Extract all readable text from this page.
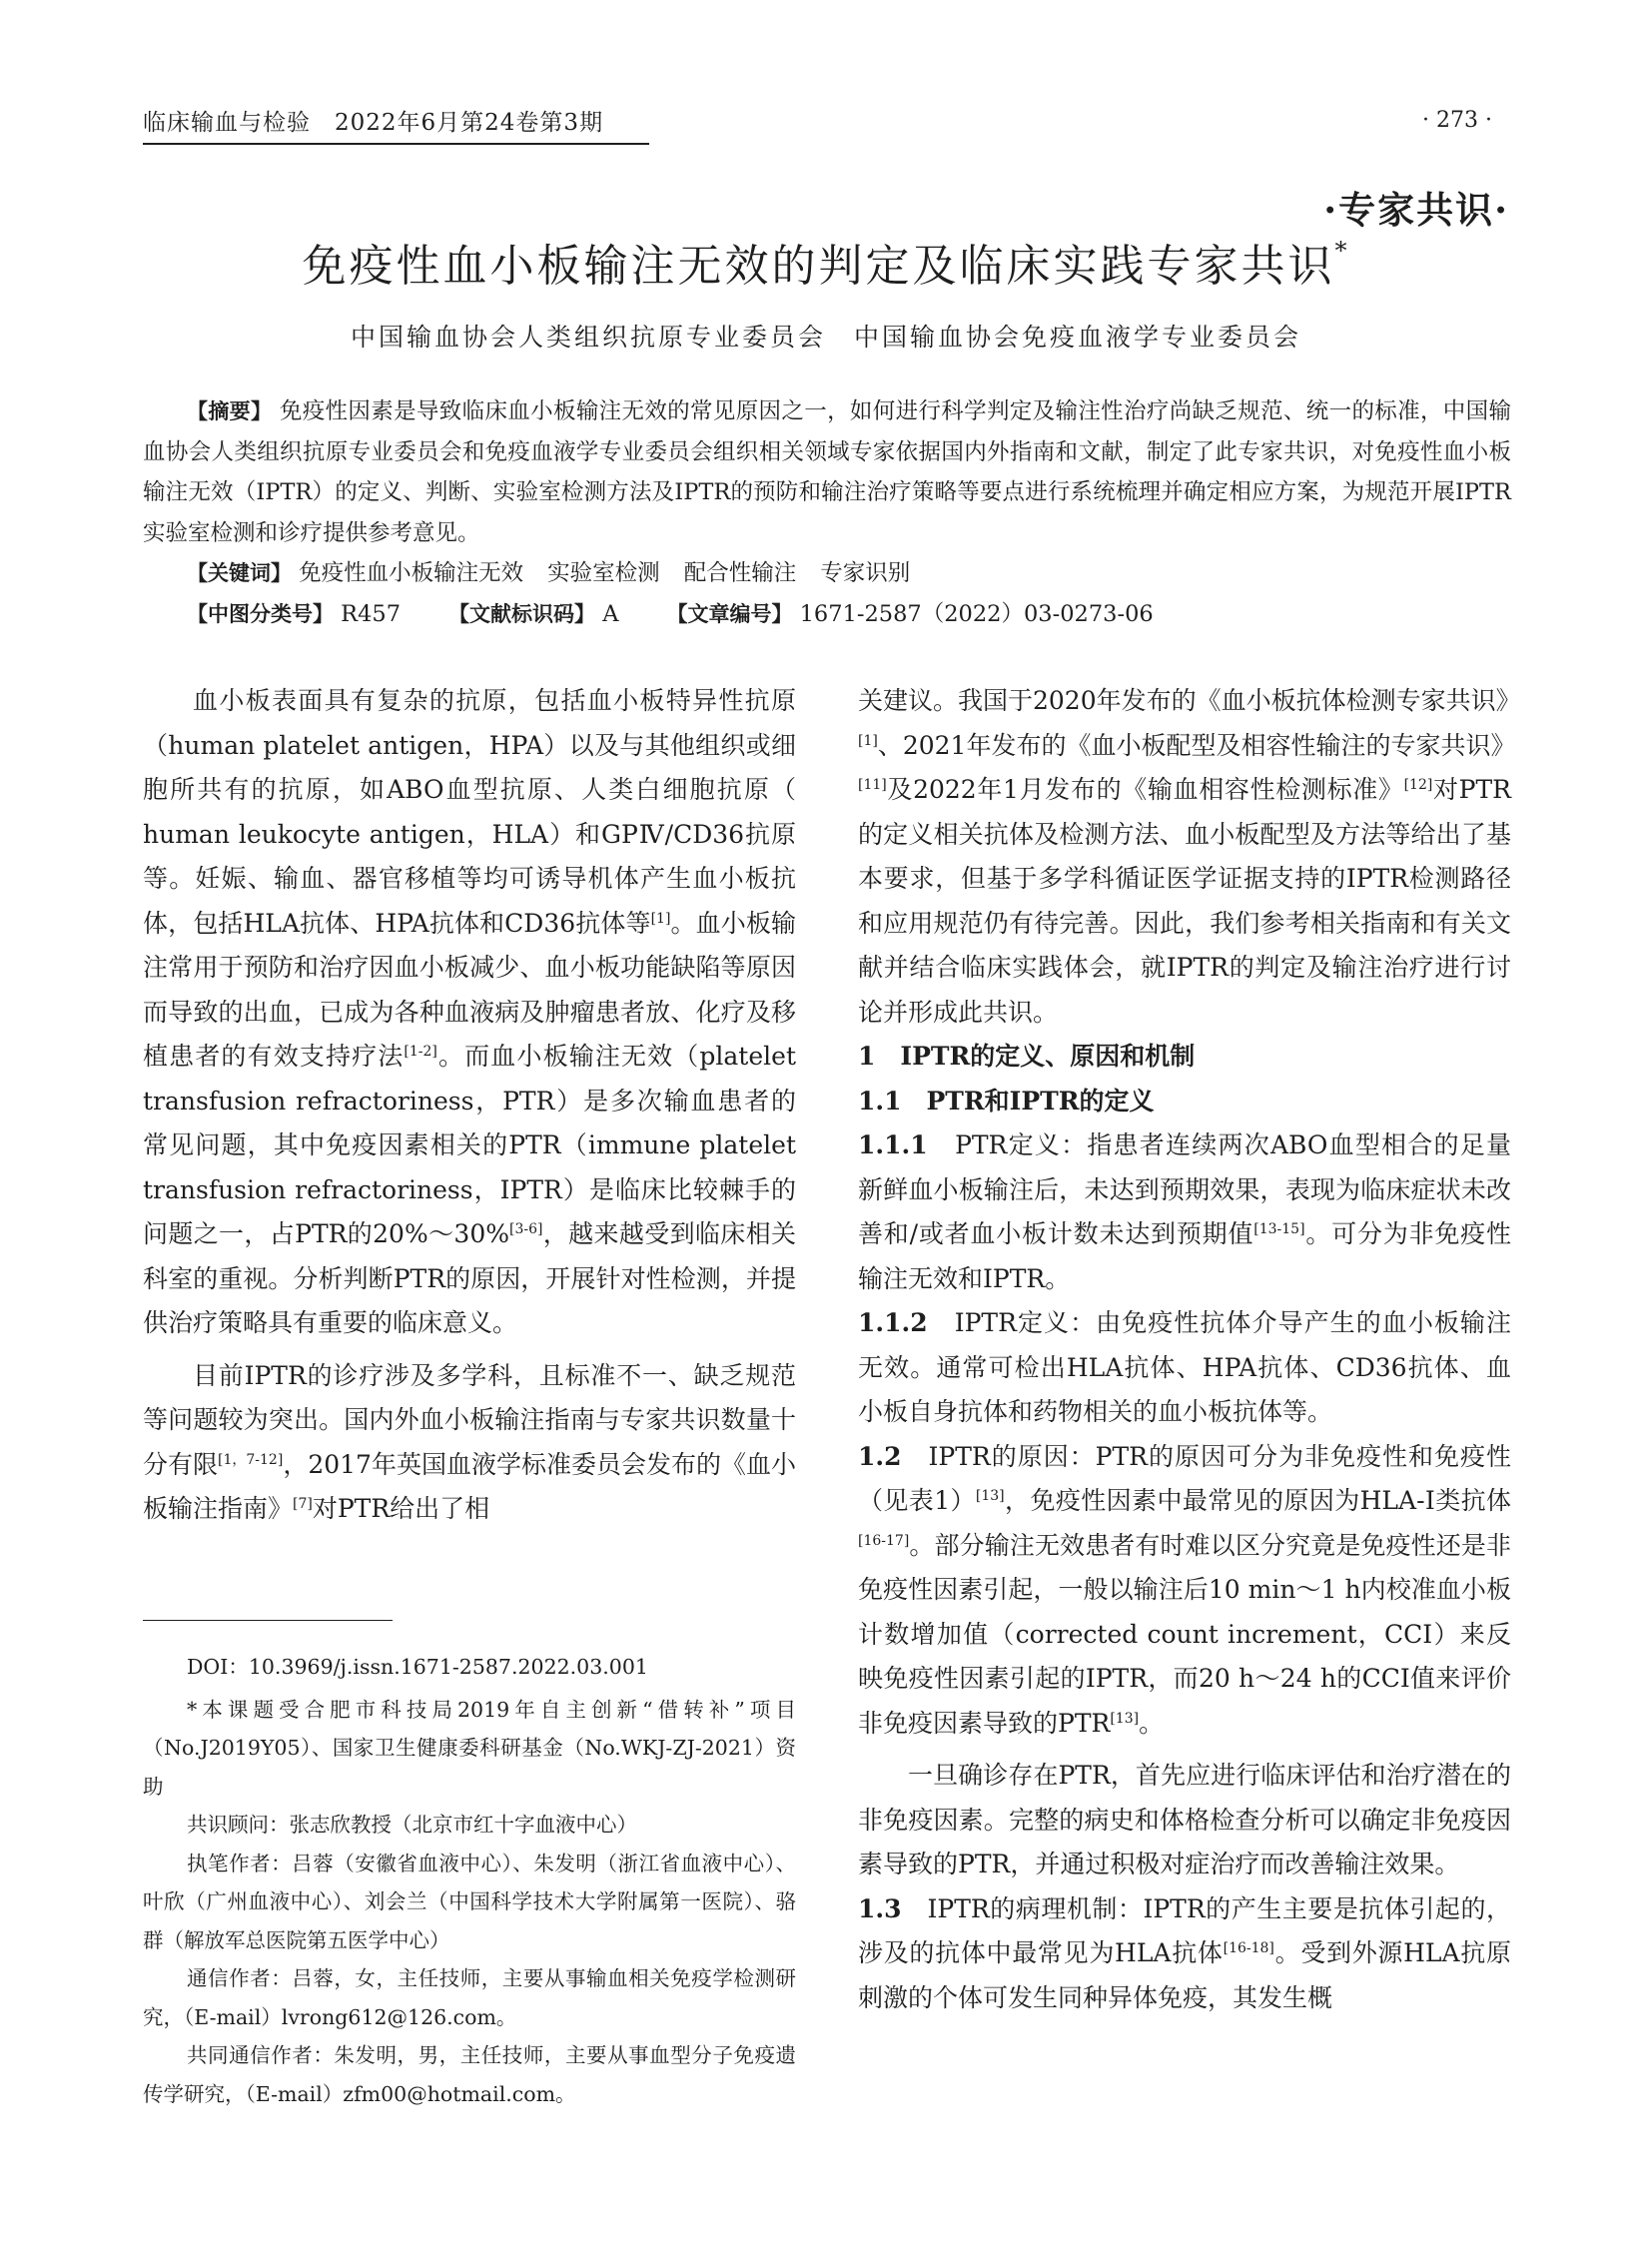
临床输血与检验　2022年6月第24卷第3期	· 273 ·
·专家共识·
免疫性血小板输注无效的判定及临床实践专家共识*
中国输血协会人类组织抗原专业委员会　中国输血协会免疫血液学专业委员会

【摘要】 免疫性因素是导致临床血小板输注无效的常见原因之一，如何进行科学判定及输注性治疗尚缺乏规范、统一的标准，中国输血协会人类组织抗原专业委员会和免疫血液学专业委员会组织相关领域专家依据国内外指南和文献，制定了此专家共识，对免疫性血小板输注无效（IPTR）的定义、判断、实验室检测方法及IPTR的预防和输注治疗策略等要点进行系统梳理并确定相应方案，为规范开展IPTR实验室检测和诊疗提供参考意见。

【关键词】 免疫性血小板输注无效 实验室检测 配合性输注 专家识别

【中图分类号】 R457 【文献标识码】 A 【文章编号】 1671-2587（2022）03-0273-06

血小板表面具有复杂的抗原，包括血小板特异性抗原（human platelet antigen，HPA）以及与其他组织或细胞所共有的抗原，如ABO血型抗原、人类白细胞抗原（ human leukocyte antigen，HLA）和GPⅣ/CD36抗原等。妊娠、输血、器官移植等均可诱导机体产生血小板抗体，包括HLA抗体、HPA抗体和CD36抗体等[1]。血小板输注常用于预防和治疗因血小板减少、血小板功能缺陷等原因而导致的出血，已成为各种血液病及肿瘤患者放、化疗及移植患者的有效支持疗法[1-2]。而血小板输注无效（platelet transfusion refractoriness，PTR）是多次输血患者的常见问题，其中免疫因素相关的PTR（immune platelet transfusion refractoriness，IPTR）是临床比较棘手的问题之一，占PTR的20%～30%[3-6]，越来越受到临床相关科室的重视。分析判断PTR的原因，开展针对性检测，并提供治疗策略具有重要的临床意义。

目前IPTR的诊疗涉及多学科，且标准不一、缺乏规范等问题较为突出。国内外血小板输注指南与专家共识数量十分有限[1，7-12]，2017年英国血液学标准委员会发布的《血小板输注指南》[7]对PTR给出了相

DOI：10.3969/j.issn.1671-2587.2022.03.001

*本课题受合肥市科技局2019年自主创新“借转补”项目（No.J2019Y05）、国家卫生健康委科研基金（No.WKJ-ZJ-2021）资助

共识顾问：张志欣教授（北京市红十字血液中心）

执笔作者：吕蓉（安徽省血液中心）、朱发明（浙江省血液中心）、叶欣（广州血液中心）、刘会兰（中国科学技术大学附属第一医院）、骆群（解放军总医院第五医学中心）

通信作者：吕蓉，女，主任技师，主要从事输血相关免疫学检测研究，（E-mail）lvrong612@126.com。

共同通信作者：朱发明，男，主任技师，主要从事血型分子免疫遗传学研究，（E-mail）zfm00@hotmail.com。

关建议。我国于2020年发布的《血小板抗体检测专家共识》[1]、2021年发布的《血小板配型及相容性输注的专家共识》[11]及2022年1月发布的《输血相容性检测标准》[12]对PTR的定义相关抗体及检测方法、血小板配型及方法等给出了基本要求，但基于多学科循证医学证据支持的IPTR检测路径和应用规范仍有待完善。因此，我们参考相关指南和有关文献并结合临床实践体会，就IPTR的判定及输注治疗进行讨论并形成此共识。

1　IPTR的定义、原因和机制

1.1　PTR和IPTR的定义

1.1.1　PTR定义：指患者连续两次ABO血型相合的足量新鲜血小板输注后，未达到预期效果，表现为临床症状未改善和/或者血小板计数未达到预期值[13-15]。可分为非免疫性输注无效和IPTR。

1.1.2　IPTR定义：由免疫性抗体介导产生的血小板输注无效。通常可检出HLA抗体、HPA抗体、CD36抗体、血小板自身抗体和药物相关的血小板抗体等。

1.2　IPTR的原因：PTR的原因可分为非免疫性和免疫性（见表1）[13]，免疫性因素中最常见的原因为HLA-Ⅰ类抗体[16-17]。部分输注无效患者有时难以区分究竟是免疫性还是非免疫性因素引起，一般以输注后10 min～1 h内校准血小板计数增加值（corrected count increment，CCI）来反映免疫性因素引起的IPTR，而20 h～24 h的CCI值来评价非免疫因素导致的PTR[13]。

一旦确诊存在PTR，首先应进行临床评估和治疗潜在的非免疫因素。完整的病史和体格检查分析可以确定非免疫因素导致的PTR，并通过积极对症治疗而改善输注效果。

1.3　IPTR的病理机制：IPTR的产生主要是抗体引起的，涉及的抗体中最常见为HLA抗体[16-18]。受到外源HLA抗原刺激的个体可发生同种异体免疫，其发生概
